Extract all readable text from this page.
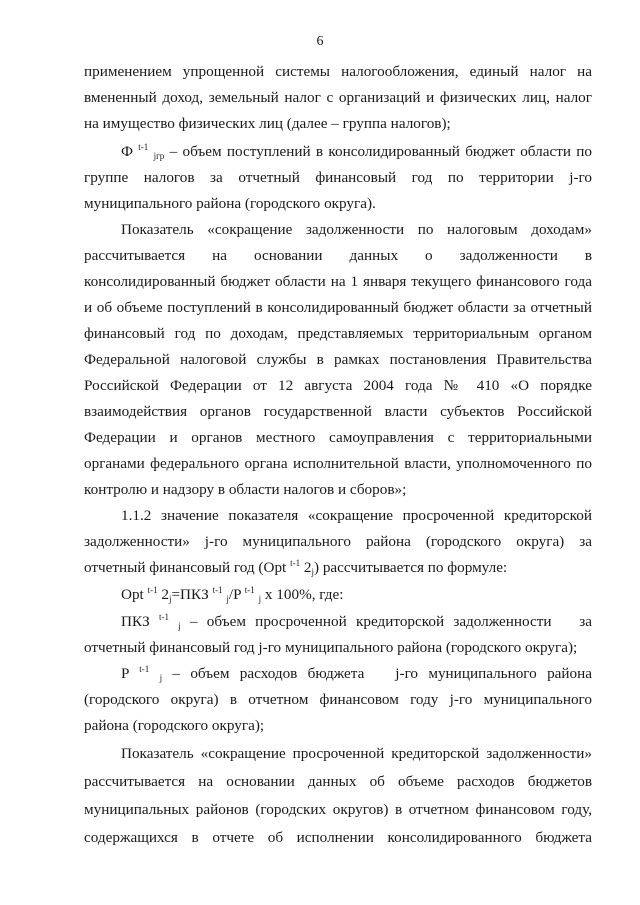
6
применением упрощенной системы налогообложения, единый налог на
вмененный доход, земельный налог с организаций и физических лиц, налог
на имущество физических лиц (далее – группа налогов);
Ф $^{t-1}$ $_{jгр}$ – объем поступлений в консолидированный бюджет области по
группе налогов за отчетный финансовый год по территории j-го
муниципального района (городского округа).
Показатель «сокращение задолженности по налоговым доходам»
рассчитывается на основании данных о задолженности в
консолидированный бюджет области на 1 января текущего финансового года
и об объеме поступлений в консолидированный бюджет области за отчетный
финансовый год по доходам, представляемых территориальным органом
Федеральной налоговой службы в рамках постановления Правительства
Российской Федерации от 12 августа 2004 года № 410 «О порядке
взаимодействия органов государственной власти субъектов Российской
Федерации и органов местного самоуправления с территориальными
органами федерального органа исполнительной власти, уполномоченного по
контролю и надзору в области налогов и сборов»;
1.1.2 значение показателя «сокращение просроченной кредиторской
задолженности» j-го муниципального района (городского округа) за
отчетный финансовый год (Opt $^{t-1}$ $2_j$) рассчитывается по формуле:
Opt $^{t-1}$ $2_j=ПКЗ$ $^{t-1}$ $_j$/P $^{t-1}$ $_j$ x 100%, где:
ПКЗ $^{t-1}$ $_j$ – объем просроченной кредиторской задолженности   за
отчетный финансовый год j-го муниципального района (городского округа);
P $^{t-1}$ $_j$ – объем расходов бюджета   j-го муниципального района
(городского округа) в отчетном финансовом году j-го муниципального
района (городского округа);
Показатель «сокращение просроченной кредиторской задолженности»
рассчитывается на основании данных об объеме расходов бюджетов
муниципальных районов (городских округов) в отчетном финансовом году,
содержащихся в отчете об исполнении консолидированного бюджета
